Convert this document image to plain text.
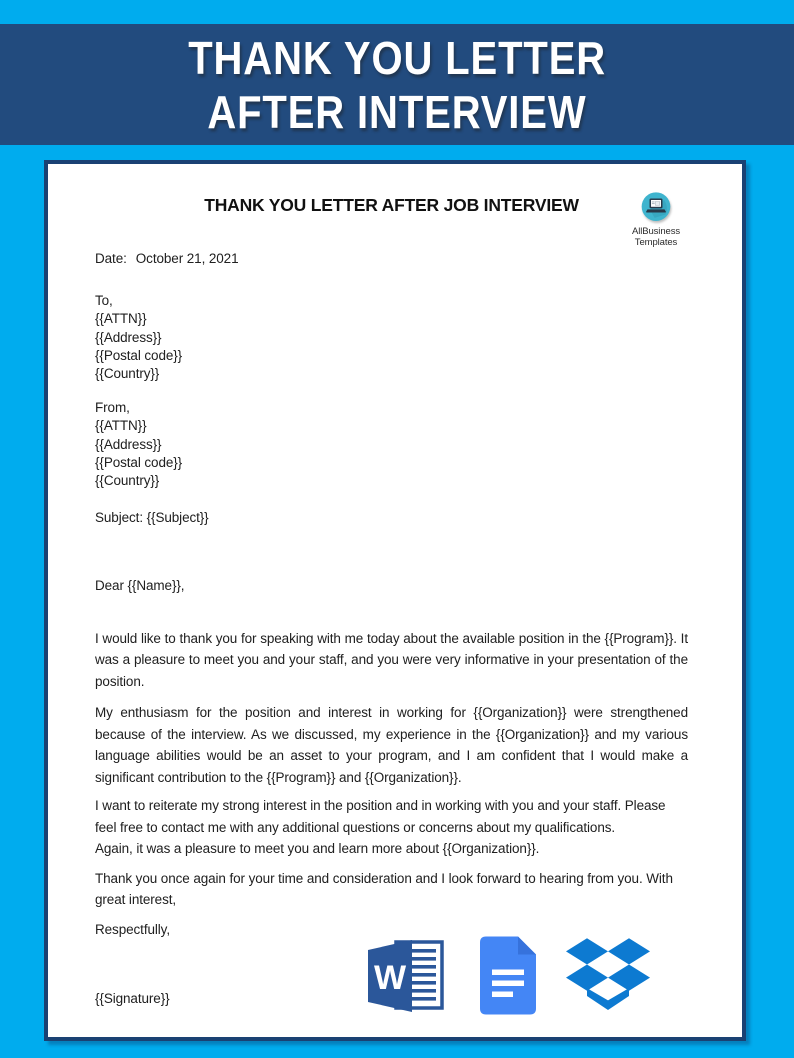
THANK YOU LETTER
AFTER INTERVIEW
THANK YOU LETTER AFTER JOB INTERVIEW
AllBusiness
Templates
Date: October 21, 2021
To,
{{ATTN}}
{{Address}}
{{Postal code}}
{{Country}}
From,
{{ATTN}}
{{Address}}
{{Postal code}}
{{Country}}
Subject: {{Subject}}
Dear {{Name}},

I would like to thank you for speaking with me today about the available position in the {{Program}}. It was a pleasure to meet you and your staff, and you were very informative in your presentation of the position.

My enthusiasm for the position and interest in working for {{Organization}} were strengthened because of the interview. As we discussed, my experience in the {{Organization}} and my various language abilities would be an asset to your program, and I am confident that I would make a significant contribution to the {{Program}} and {{Organization}}.

I want to reiterate my strong interest in the position and in working with you and your staff. Please feel free to contact me with any additional questions or concerns about my qualifications.
Again, it was a pleasure to meet you and learn more about {{Organization}}.

Thank you once again for your time and consideration and I look forward to hearing from you. With great interest,

Respectfully,
{{Signature}}
W
